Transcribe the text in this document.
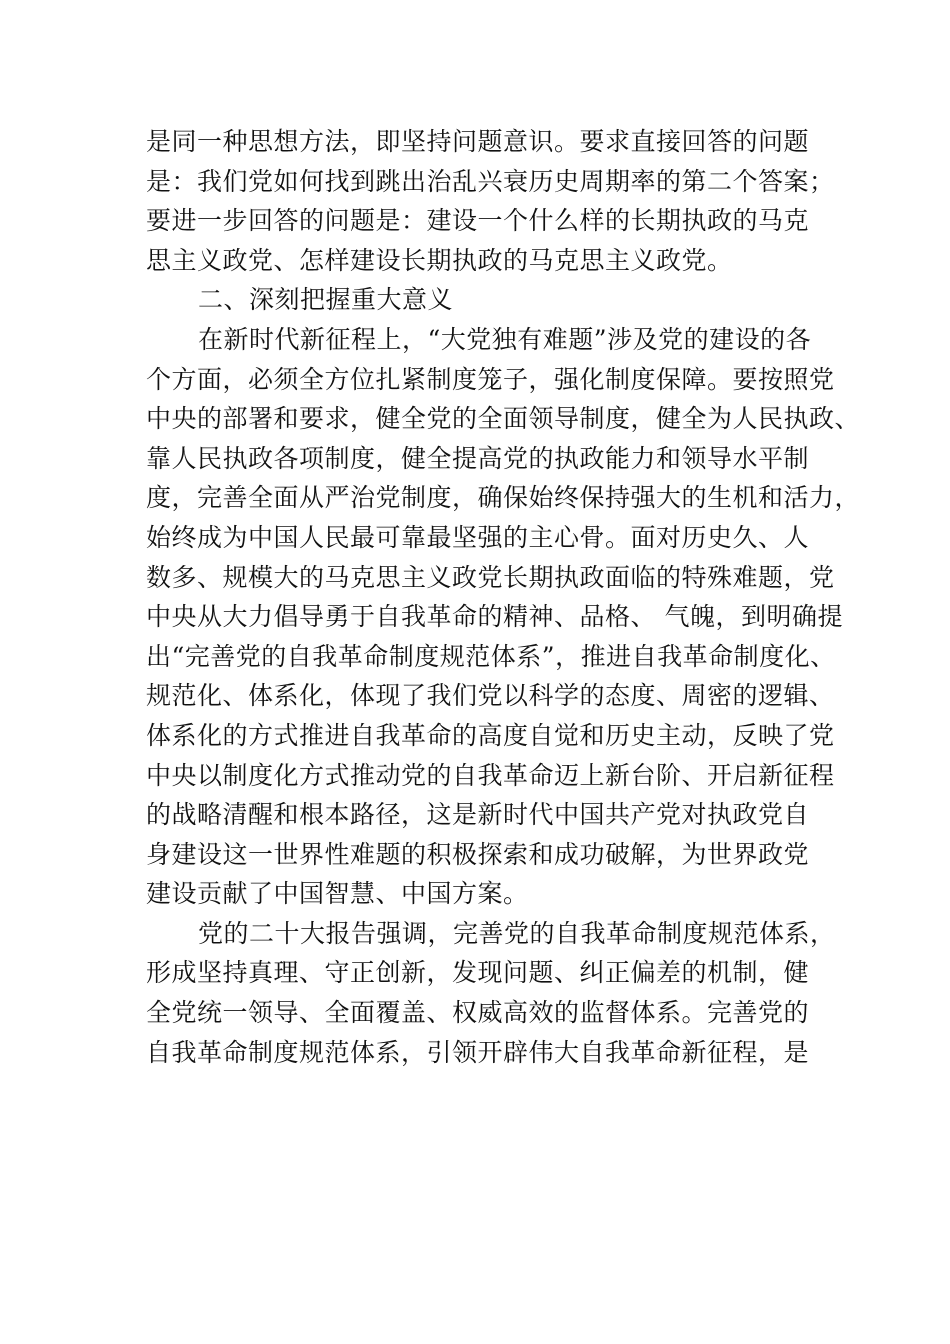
是同一种思想方法，即坚持问题意识。要求直接回答的问题
是：我们党如何找到跳出治乱兴衰历史周期率的第二个答案；
要进一步回答的问题是：建设一个什么样的长期执政的马克
思主义政党、怎样建设长期执政的马克思主义政党。
二、深刻把握重大意义
在新时代新征程上，“大党独有难题”涉及党的建设的各
个方面，必须全方位扎紧制度笼子，强化制度保障。要按照党
中央的部署和要求，健全党的全面领导制度，健全为人民执政、
靠人民执政各项制度，健全提高党的执政能力和领导水平制
度，完善全面从严治党制度，确保始终保持强大的生机和活力，
始终成为中国人民最可靠最坚强的主心骨。面对历史久、人
数多、规模大的马克思主义政党长期执政面临的特殊难题，党
中央从大力倡导勇于自我革命的精神、品格、 气魄，到明确提
出“完善党的自我革命制度规范体系”，推进自我革命制度化、
规范化、体系化，体现了我们党以科学的态度、周密的逻辑、
体系化的方式推进自我革命的高度自觉和历史主动，反映了党
中央以制度化方式推动党的自我革命迈上新台阶、开启新征程
的战略清醒和根本路径，这是新时代中国共产党对执政党自
身建设这一世界性难题的积极探索和成功破解，为世界政党
建设贡献了中国智慧、中国方案。
党的二十大报告强调，完善党的自我革命制度规范体系，
形成坚持真理、守正创新，发现问题、纠正偏差的机制，健
全党统一领导、全面覆盖、权威高效的监督体系。完善党的
自我革命制度规范体系，引领开辟伟大自我革命新征程，是
